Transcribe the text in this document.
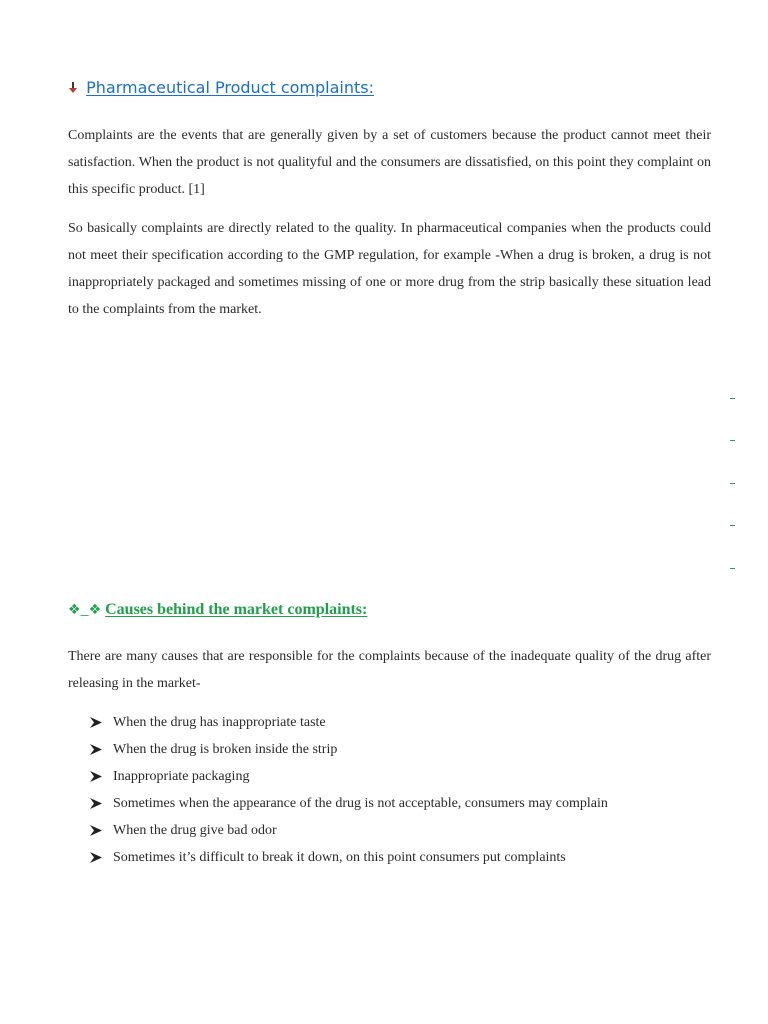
Pharmaceutical Product complaints:
Complaints are the events that are generally given by a set of customers because the product cannot meet their satisfaction. When the product is not qualityful and the consumers are dissatisfied, on this point they complaint on this specific product. [1]
So basically complaints are directly related to the quality. In pharmaceutical companies when the products could not meet their specification according to the GMP regulation, for example -When a drug is broken, a drug is not inappropriately packaged and sometimes missing of one or more drug from the strip basically these situation lead to the complaints from the market.
❖_❖ Causes behind the market complaints:
There are many causes that are responsible for the complaints because of the inadequate quality of the drug after releasing in the market-
When the drug has inappropriate taste
When the drug is broken inside the strip
Inappropriate packaging
Sometimes when the appearance of the drug is not acceptable, consumers may complain
When the drug give bad odor
Sometimes it’s difficult to break it down, on this point consumers put complaints
